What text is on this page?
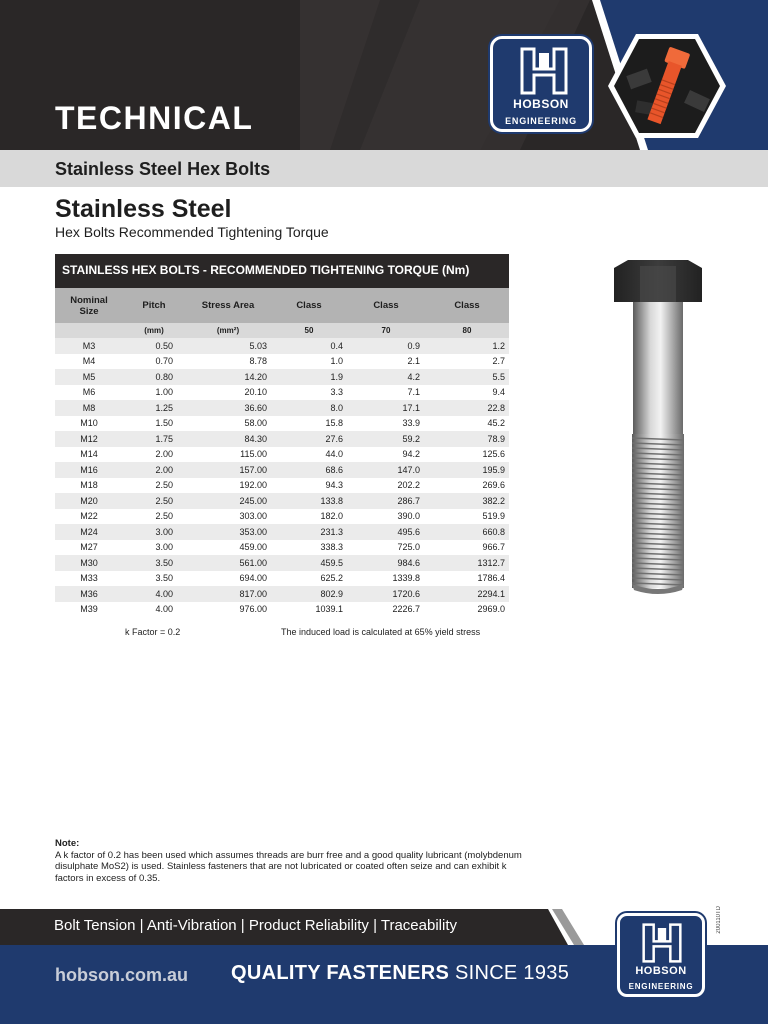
TECHNICAL	HOBSON
ENGINEERING
Stainless Steel Hex Bolts
Stainless Steel
Hex Bolts Recommended Tightening Torque
STAINLESS HEX BOLTS - RECOMMENDED TIGHTENING TORQUE (Nm)
Nominal Size	Pitch	Stress Area	Class	Class	Class
	(mm)	(mm²)	50	70	80
M3	0.50	5.03	0.4	0.9	1.2
M4	0.70	8.78	1.0	2.1	2.7
M5	0.80	14.20	1.9	4.2	5.5
M6	1.00	20.10	3.3	7.1	9.4
M8	1.25	36.60	8.0	17.1	22.8
M10	1.50	58.00	15.8	33.9	45.2
M12	1.75	84.30	27.6	59.2	78.9
M14	2.00	115.00	44.0	94.2	125.6
M16	2.00	157.00	68.6	147.0	195.9
M18	2.50	192.00	94.3	202.2	269.6
M20	2.50	245.00	133.8	286.7	382.2
M22	2.50	303.00	182.0	390.0	519.9
M24	3.00	353.00	231.3	495.6	660.8
M27	3.00	459.00	338.3	725.0	966.7
M30	3.50	561.00	459.5	984.6	1312.7
M33	3.50	694.00	625.2	1339.8	1786.4
M36	4.00	817.00	802.9	1720.6	2294.1
M39	4.00	976.00	1039.1	2226.7	2969.0
k Factor = 0.2	The induced load is calculated at 65% yield stress
Note:
A k factor of 0.2 has been used which assumes threads are burr free and a good quality lubricant (molybdenum disulphate MoS2) is used. Stainless fasteners that are not lubricated or coated often seize and can exhibit k factors in excess of 0.35.
200110TD
Bolt Tension | Anti-Vibration | Product Reliability | Traceability
hobson.com.au QUALITY FASTENERS SINCE 1935	HOBSON
ENGINEERING
